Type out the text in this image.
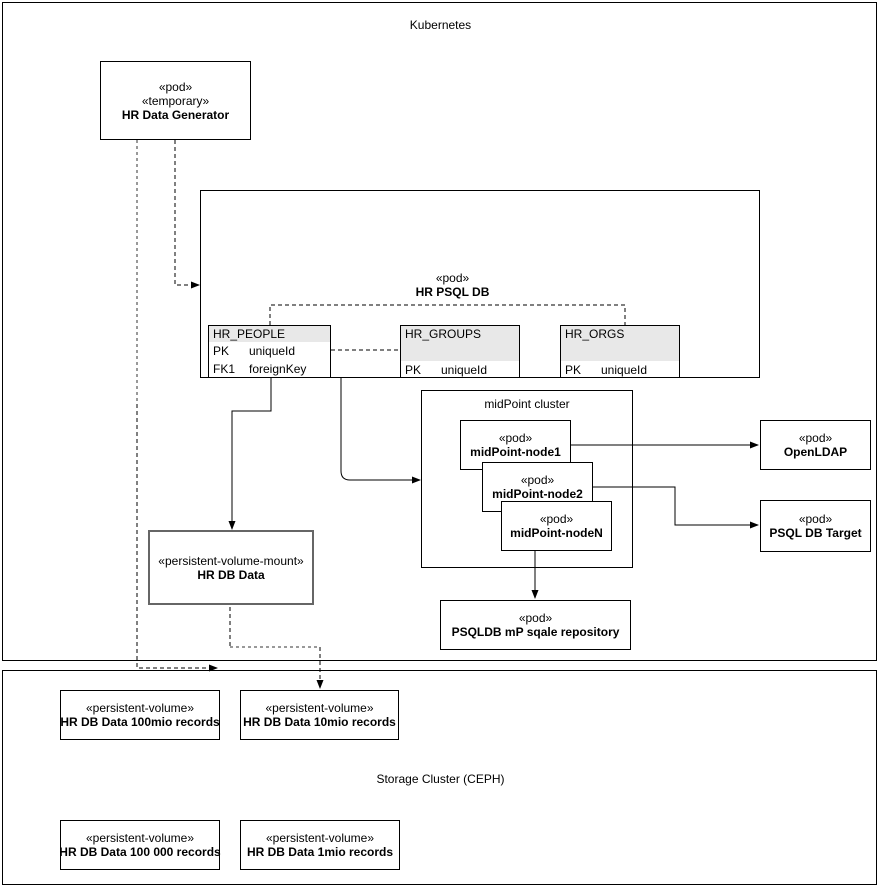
Kubernetes
Storage Cluster (CEPH)
«pod»
HR PSQL DB
midPoint cluster
«pod»
«temporary»
HR Data Generator
HR_PEOPLE
PK	uniqueId
FK1	foreignKey
HR_GROUPS
PK	uniqueId
HR_ORGS
PK	uniqueId
«pod»
midPoint-node1
«pod»
midPoint-node2
«pod»
midPoint-nodeN
«pod»
OpenLDAP
«pod»
PSQL DB Target
«persistent-volume-mount»
HR DB Data
«pod»
PSQLDB mP sqale repository
«persistent-volume»
HR DB Data 100mio records
«persistent-volume»
HR DB Data 10mio records
«persistent-volume»
HR DB Data 100 000 records
«persistent-volume»
HR DB Data 1mio records
